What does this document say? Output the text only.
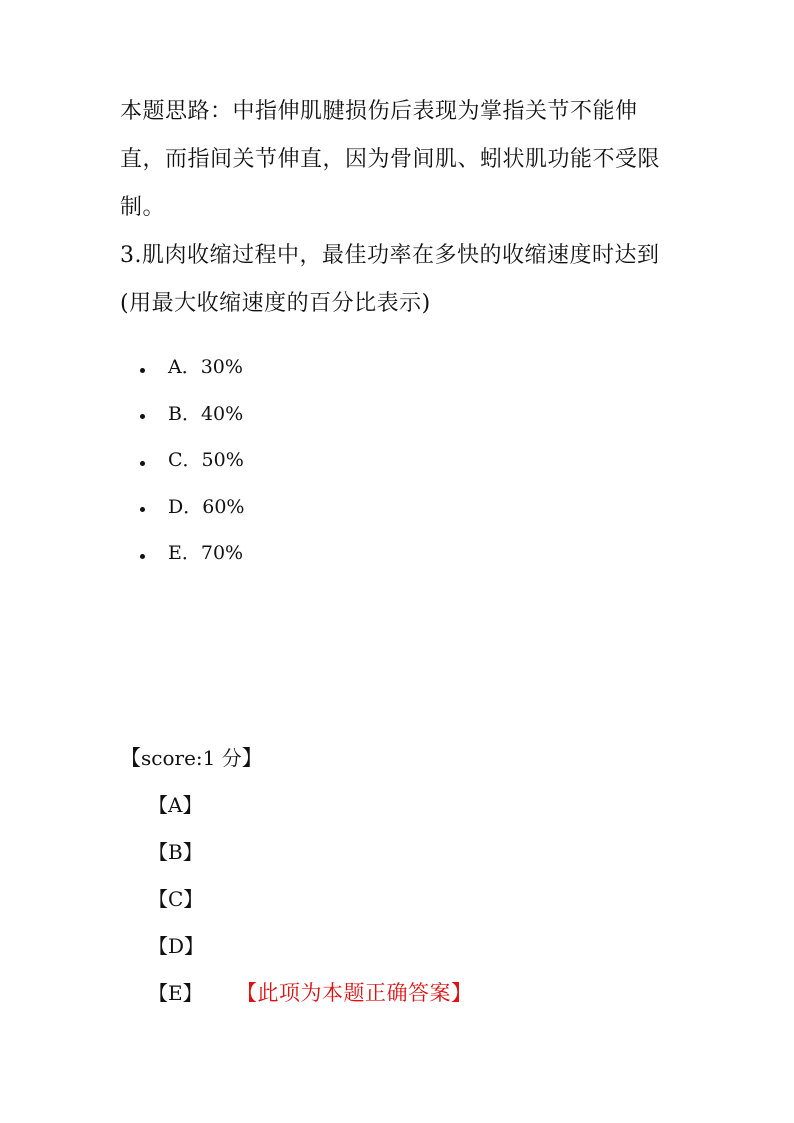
本题思路：中指伸肌腱损伤后表现为掌指关节不能伸直，而指间关节伸直，因为骨间肌、蚓状肌功能不受限制。
3.肌肉收缩过程中，最佳功率在多快的收缩速度时达到(用最大收缩速度的百分比表示)
A．30%
B．40%
C．50%
D．60%
E．70%
【 score:1 分 】
【A】
【B】
【C】
【D】
【E】	【此项为本题正确答案】
